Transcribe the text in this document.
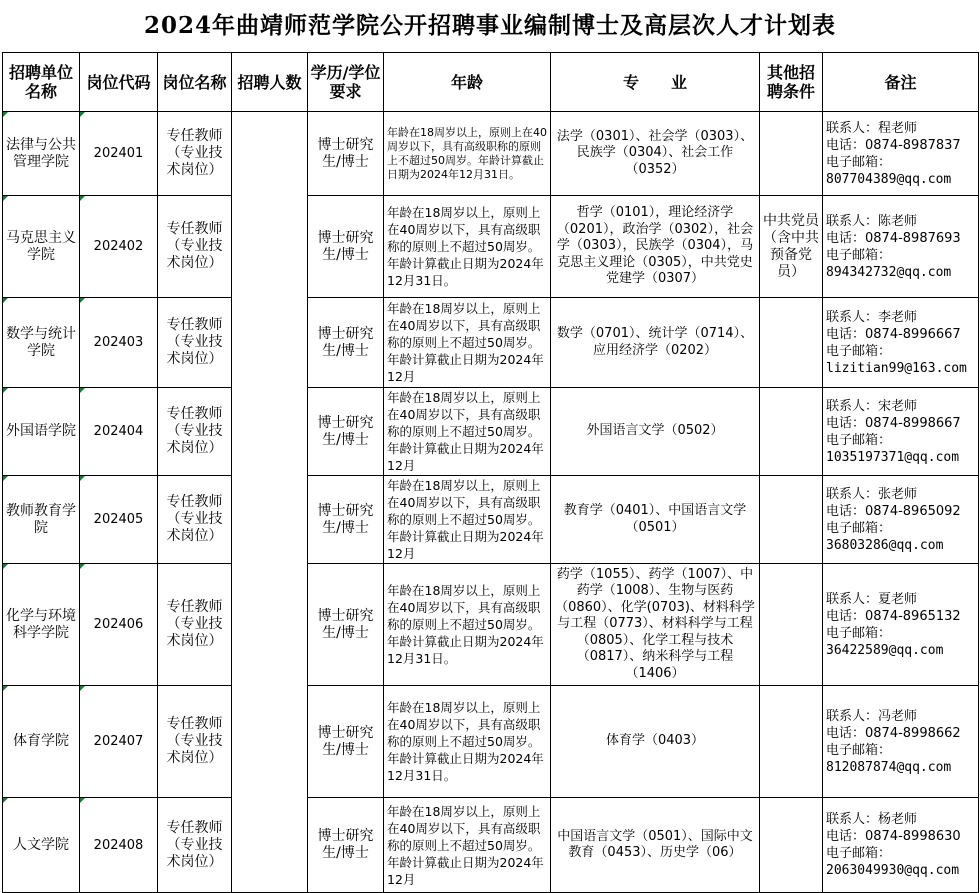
2024年曲靖师范学院公开招聘事业编制博士及高层次人才计划表
招聘单位名称	岗位代码	岗位名称	招聘人数	学历/学位要求	年龄	专　　业	其他招聘条件	备注
法律与公共管理学院	202401	专任教师（专业技术岗位）		博士研究生/博士	年龄在18周岁以上，原则上在40周岁以下，具有高级职称的原则上不超过50周岁。年龄计算截止日期为2024年12月31日。	法学（0301）、社会学（0303）、民族学（0304）、社会工作（0352）		联系人：程老师
电话：0874-8987837
电子邮箱：
807704389@qq.com

马克思主义学院	202402	专任教师（专业技术岗位）		博士研究生/博士	年龄在18周岁以上，原则上在40周岁以下，具有高级职称的原则上不超过50周岁。年龄计算截止日期为2024年12月31日。	哲学（0101），理论经济学（0201），政治学（0302），社会学（0303），民族学（0304），马克思主义理论（0305），中共党史党建学（0307）	中共党员（含中共预备党员）	联系人：陈老师
电话：0874-8987693
电子邮箱：
894342732@qq.com

数学与统计学院	202403	专任教师（专业技术岗位）		博士研究生/博士	年龄在18周岁以上，原则上在40周岁以下，具有高级职称的原则上不超过50周岁。年龄计算截止日期为2024年12月	数学（0701）、统计学（0714）、应用经济学（0202）		联系人：李老师
电话：0874-8996667
电子邮箱：
lizitian99@163.com

外国语学院	202404	专任教师（专业技术岗位）		博士研究生/博士	年龄在18周岁以上，原则上在40周岁以下，具有高级职称的原则上不超过50周岁。年龄计算截止日期为2024年12月	外国语言文学（0502）		联系人：宋老师
电话：0874-8998667
电子邮箱：
1035197371@qq.com

教师教育学院	202405	专任教师（专业技术岗位）		博士研究生/博士	年龄在18周岁以上，原则上在40周岁以下，具有高级职称的原则上不超过50周岁。年龄计算截止日期为2024年12月	教育学（0401）、中国语言文学（0501）		联系人：张老师
电话：0874-8965092
电子邮箱：
36803286@qq.com

化学与环境科学学院	202406	专任教师（专业技术岗位）		博士研究生/博士	年龄在18周岁以上，原则上在40周岁以下，具有高级职称的原则上不超过50周岁。年龄计算截止日期为2024年12月31日。	药学（1055）、药学（1007）、中药学（1008）、生物与医药（0860）、化学(0703)、材料科学与工程（0773）、材料科学与工程（0805）、化学工程与技术（0817）、纳米科学与工程（1406）		联系人：夏老师
电话：0874-8965132
电子邮箱：
36422589@qq.com

体育学院	202407	专任教师（专业技术岗位）		博士研究生/博士	年龄在18周岁以上，原则上在40周岁以下，具有高级职称的原则上不超过50周岁。年龄计算截止日期为2024年12月31日。	体育学（0403）		联系人：冯老师
电话：0874-8998662
电子邮箱：
812087874@qq.com

人文学院	202408	专任教师（专业技术岗位）		博士研究生/博士	年龄在18周岁以上，原则上在40周岁以下，具有高级职称的原则上不超过50周岁。年龄计算截止日期为2024年12月	中国语言文学（0501）、国际中文教育（0453）、历史学（06）		联系人：杨老师
电话：0874-8998630
电子邮箱：
2063049930@qq.com
